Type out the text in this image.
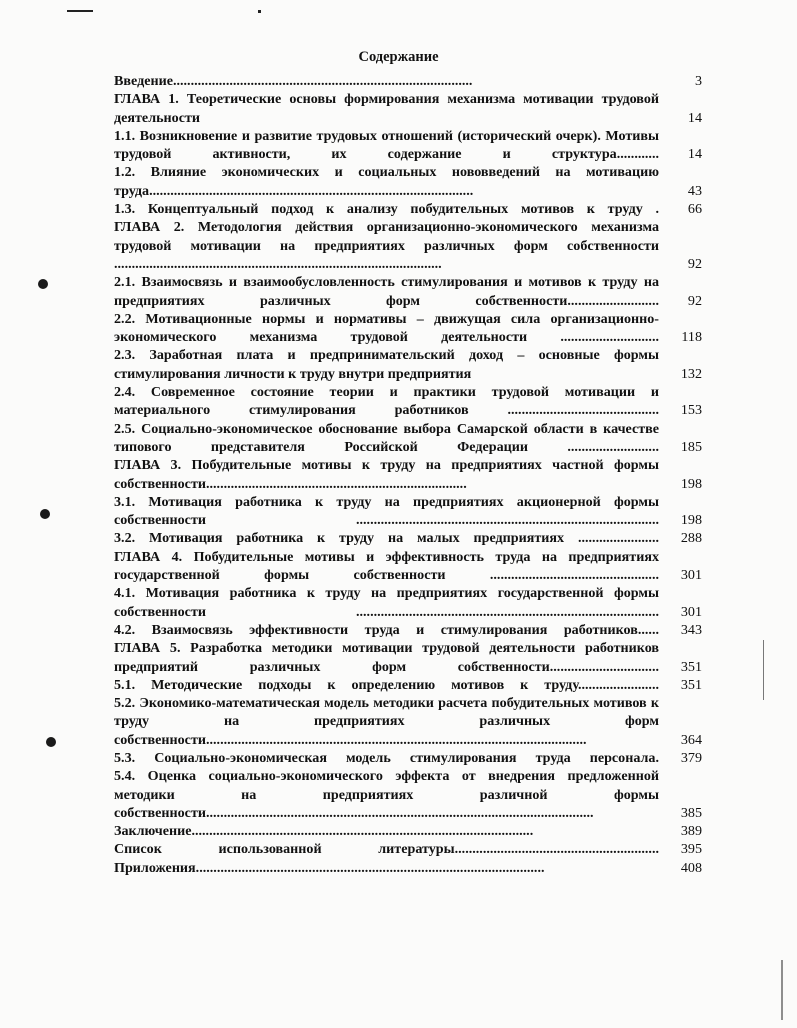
Содержание
Введение.....................................................................................	3
ГЛАВА 1. Теоретические основы формирования механизма мотивации трудовой деятельности	14
1.1. Возникновение и развитие трудовых отношений (исторический очерк). Мотивы трудовой активности, их содержание и структура............	14
1.2. Влияние экономических и социальных нововведений на мотивацию труда............................................................................................	43
1.3. Концептуальный подход к анализу побудительных мотивов к труду .	66
ГЛАВА 2. Методология действия организационно-экономического механизма трудовой мотивации на предприятиях различных форм собственности .............................................................................................	92
2.1. Взаимосвязь и взаимообусловленность стимулирования и мотивов к труду на предприятиях различных форм собственности..........................	92
2.2. Мотивационные нормы и нормативы – движущая сила организационно-экономического механизма трудовой деятельности ............................	118
2.3. Заработная плата и предпринимательский доход – основные формы стимулирования личности к труду внутри предприятия	132
2.4. Современное состояние теории и практики трудовой мотивации и материального стимулирования работников ...........................................	153
2.5. Социально-экономическое обоснование выбора Самарской области в качестве типового представителя Российской Федерации ..........................	185
ГЛАВА 3. Побудительные мотивы к труду на предприятиях частной формы собственности..........................................................................	198
3.1. Мотивация работника к труду на предприятиях акционерной формы собственности ......................................................................................	198
3.2. Мотивация работника к труду на малых предприятиях .......................	288
ГЛАВА 4. Побудительные мотивы и эффективность труда на предприятиях государственной формы собственности ................................................	301
4.1. Мотивация работника к труду на предприятиях государственной формы собственности ......................................................................................	301
4.2. Взаимосвязь эффективности труда и стимулирования работников......	343
ГЛАВА 5. Разработка методики мотивации трудовой деятельности работников предприятий различных форм собственности...............................	351
5.1. Методические подходы к определению мотивов к труду.......................	351
5.2. Экономико-математическая модель методики расчета побудительных мотивов к труду на предприятиях различных форм собственности............................................................................................................	364
5.3. Социально-экономическая модель стимулирования труда персонала.	379
5.4. Оценка социально-экономического эффекта от внедрения предложенной методики на предприятиях различной формы собственности..............................................................................................................	385
Заключение.................................................................................................	389
Список использованной литературы..........................................................	395
Приложения...................................................................................................	408
